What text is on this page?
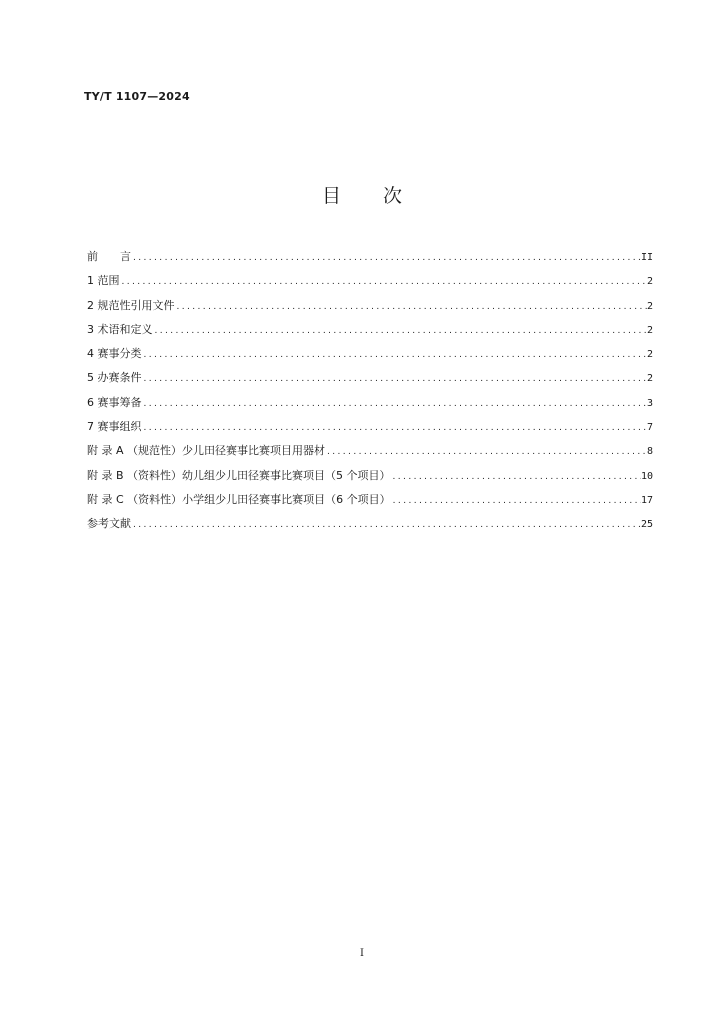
TY/T 1107—2024
目 次
前　　言 .....	II
1 范围 .....	2
2 规范性引用文件 .....	2
3 术语和定义 .....	2
4 赛事分类 .....	2
5 办赛条件 .....	2
6 赛事筹备 .....	3
7 赛事组织 .....	7
附 录 A （规范性）少儿田径赛事比赛项目用器材 .....	8
附 录 B （资料性）幼儿组少儿田径赛事比赛项目（5 个项目） .....	10
附 录 C （资料性）小学组少儿田径赛事比赛项目（6 个项目） .....	17
参考文献 .....	25
I
